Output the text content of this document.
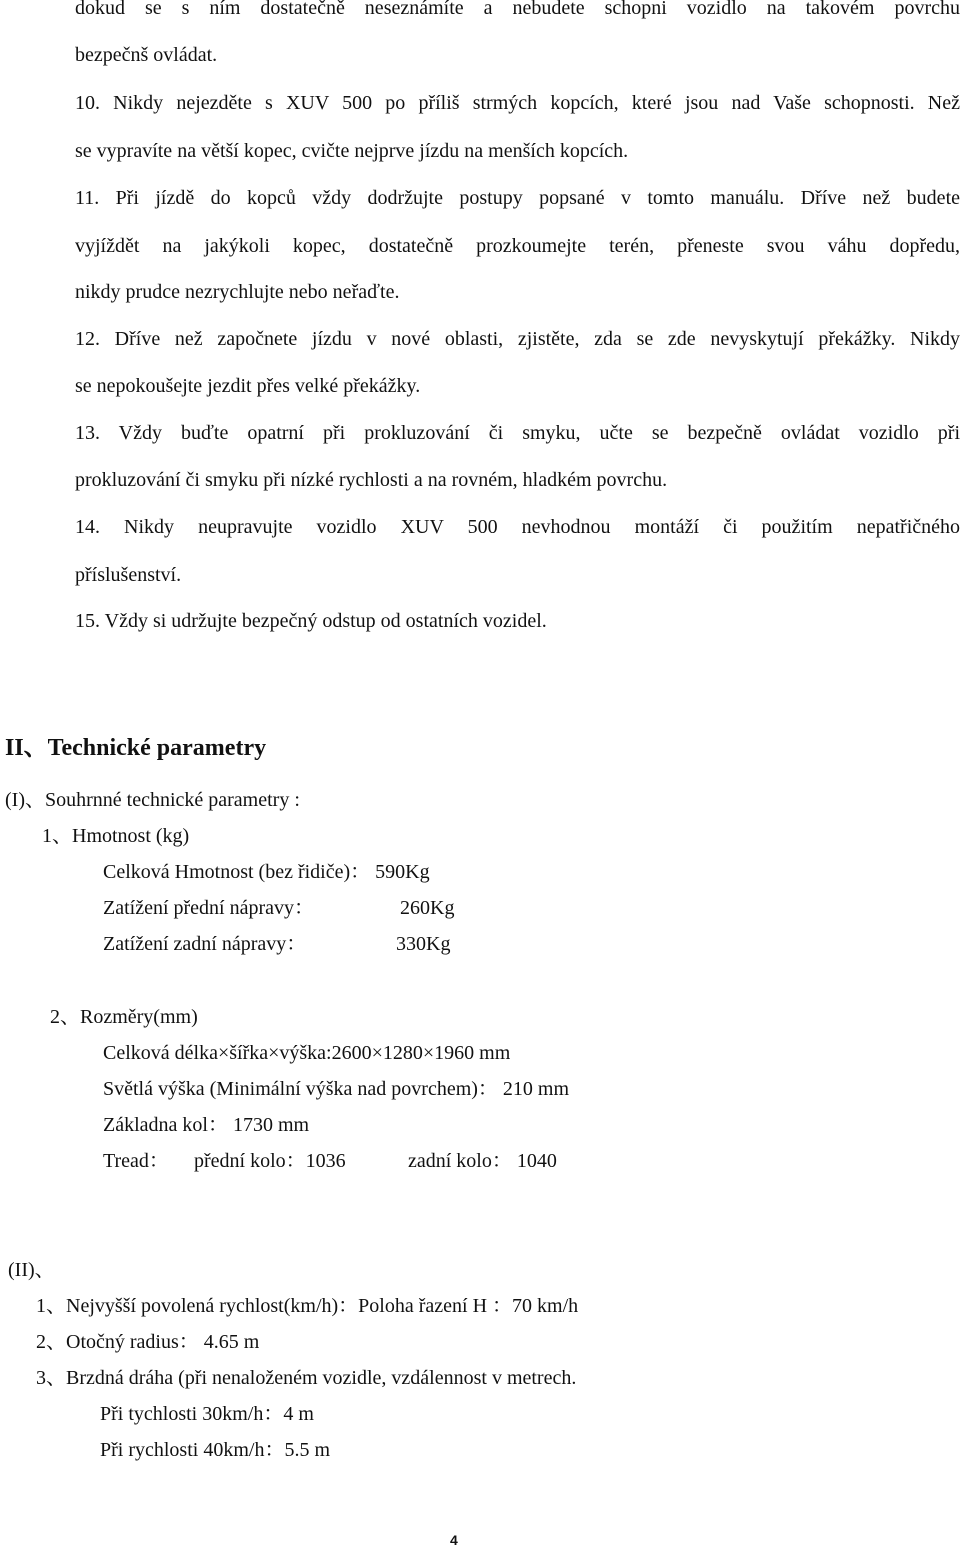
dokud se s ním dostatečně neseznámíte a nebudete schopni vozidlo na takovém povrchu
bezpečnš ovládat.
10. Nikdy nejezděte s XUV 500 po příliš strmých kopcích, které jsou nad Vaše schopnosti. Než
se vypravíte na větší kopec, cvičte nejprve jízdu na menších kopcích.
11. Při jízdě do kopců vždy dodržujte postupy popsané v tomto manuálu. Dříve než budete
vyjíždět na jakýkoli kopec, dostatečně prozkoumejte terén, přeneste svou váhu dopředu,
nikdy prudce nezrychlujte nebo neřaďte.
12. Dříve než započnete jízdu v nové oblasti, zjistěte, zda se zde nevyskytují překážky. Nikdy
se nepokoušejte jezdit přes velké překážky.
13. Vždy buďte opatrní při prokluzování či smyku, učte se bezpečně ovládat vozidlo při
prokluzování či smyku při nízké rychlosti a na rovném, hladkém povrchu.
14. Nikdy neupravujte vozidlo XUV 500 nevhodnou montáží či použitím nepatřičného
příslušenství.
15. Vždy si udržujte bezpečný odstup od ostatních vozidel.
II、Technické parametry
(I)、Souhrnné technické parametry :
1、Hmotnost (kg)
Celková Hmotnost (bez řidiče)： 590Kg
Zatížení přední nápravy：	260Kg
Zatížení zadní nápravy：	330Kg
2、Rozměry(mm)
Celková délka×šířka×výška:2600×1280×1960 mm
Světlá výška (Minimální výška nad povrchem)： 210 mm
Základna kol： 1730 mm
Tread： přední kolo：1036	zadní kolo： 1040
(II)、
1、Nejvyšší povolená rychlost(km/h)：Poloha řazení H ：70 km/h
2、Otočný radius： 4.65 m
3、Brzdná dráha (při nenaloženém vozidle, vzdálennost v metrech.
Při tychlosti 30km/h：4 m
Při rychlosti 40km/h：5.5 m
4
